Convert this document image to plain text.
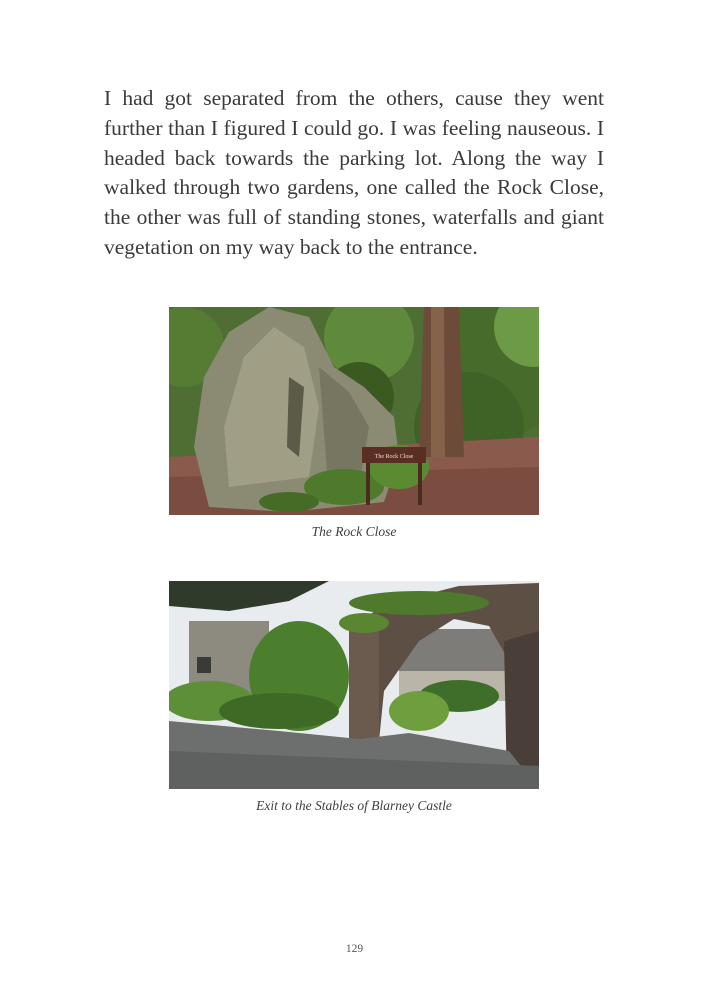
I had got separated from the others, cause they went further than I figured I could go. I was feeling nauseous. I headed back towards the parking lot. Along the way I walked through two gardens, one called the Rock Close, the other was full of standing stones, waterfalls and giant vegetation on my way back to the entrance.

The Rock Close
The Rock Close
Exit to the Stables of Blarney Castle
129
